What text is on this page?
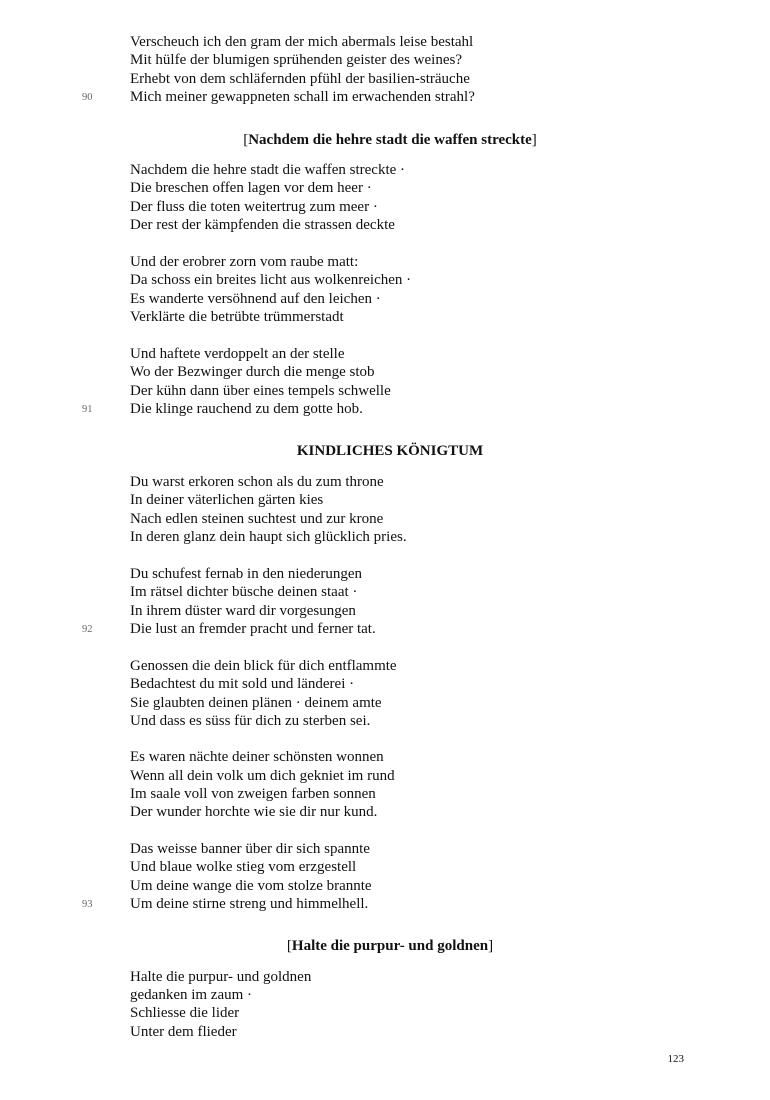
Verscheuch ich den gram der mich abermals leise bestahl
Mit hülfe der blumigen sprühenden geister des weines?
Erhebt von dem schläfernden pfühl der basilien-sträuche
Mich meiner gewappneten schall im erwachenden strahl?
90
[Nachdem die hehre stadt die waffen streckte]
Nachdem die hehre stadt die waffen streckte ·
Die breschen offen lagen vor dem heer ·
Der fluss die toten weitertrug zum meer ·
Der rest der kämpfenden die strassen deckte
Und der erobrer zorn vom raube matt:
Da schoss ein breites licht aus wolkenreichen ·
Es wanderte versöhnend auf den leichen ·
Verklärte die betrübte trümmerstadt
Und haftete verdoppelt an der stelle
Wo der Bezwinger durch die menge stob
Der kühn dann über eines tempels schwelle
Die klinge rauchend zu dem gotte hob.
91
KINDLICHES KÖNIGTUM
Du warst erkoren schon als du zum throne
In deiner väterlichen gärten kies
Nach edlen steinen suchtest und zur krone
In deren glanz dein haupt sich glücklich pries.
Du schufest fernab in den niederungen
Im rätsel dichter büsche deinen staat ·
In ihrem düster ward dir vorgesungen
Die lust an fremder pracht und ferner tat.
92
Genossen die dein blick für dich entflammte
Bedachtest du mit sold und länderei ·
Sie glaubten deinen plänen · deinem amte
Und dass es süss für dich zu sterben sei.
Es waren nächte deiner schönsten wonnen
Wenn all dein volk um dich gekniet im rund
Im saale voll von zweigen farben sonnen
Der wunder horchte wie sie dir nur kund.
Das weisse banner über dir sich spannte
Und blaue wolke stieg vom erzgestell
Um deine wange die vom stolze brannte
Um deine stirne streng und himmelhell.
93
[Halte die purpur- und goldnen]
Halte die purpur- und goldnen
gedanken im zaum ·
Schliesse die lider
Unter dem flieder
123
